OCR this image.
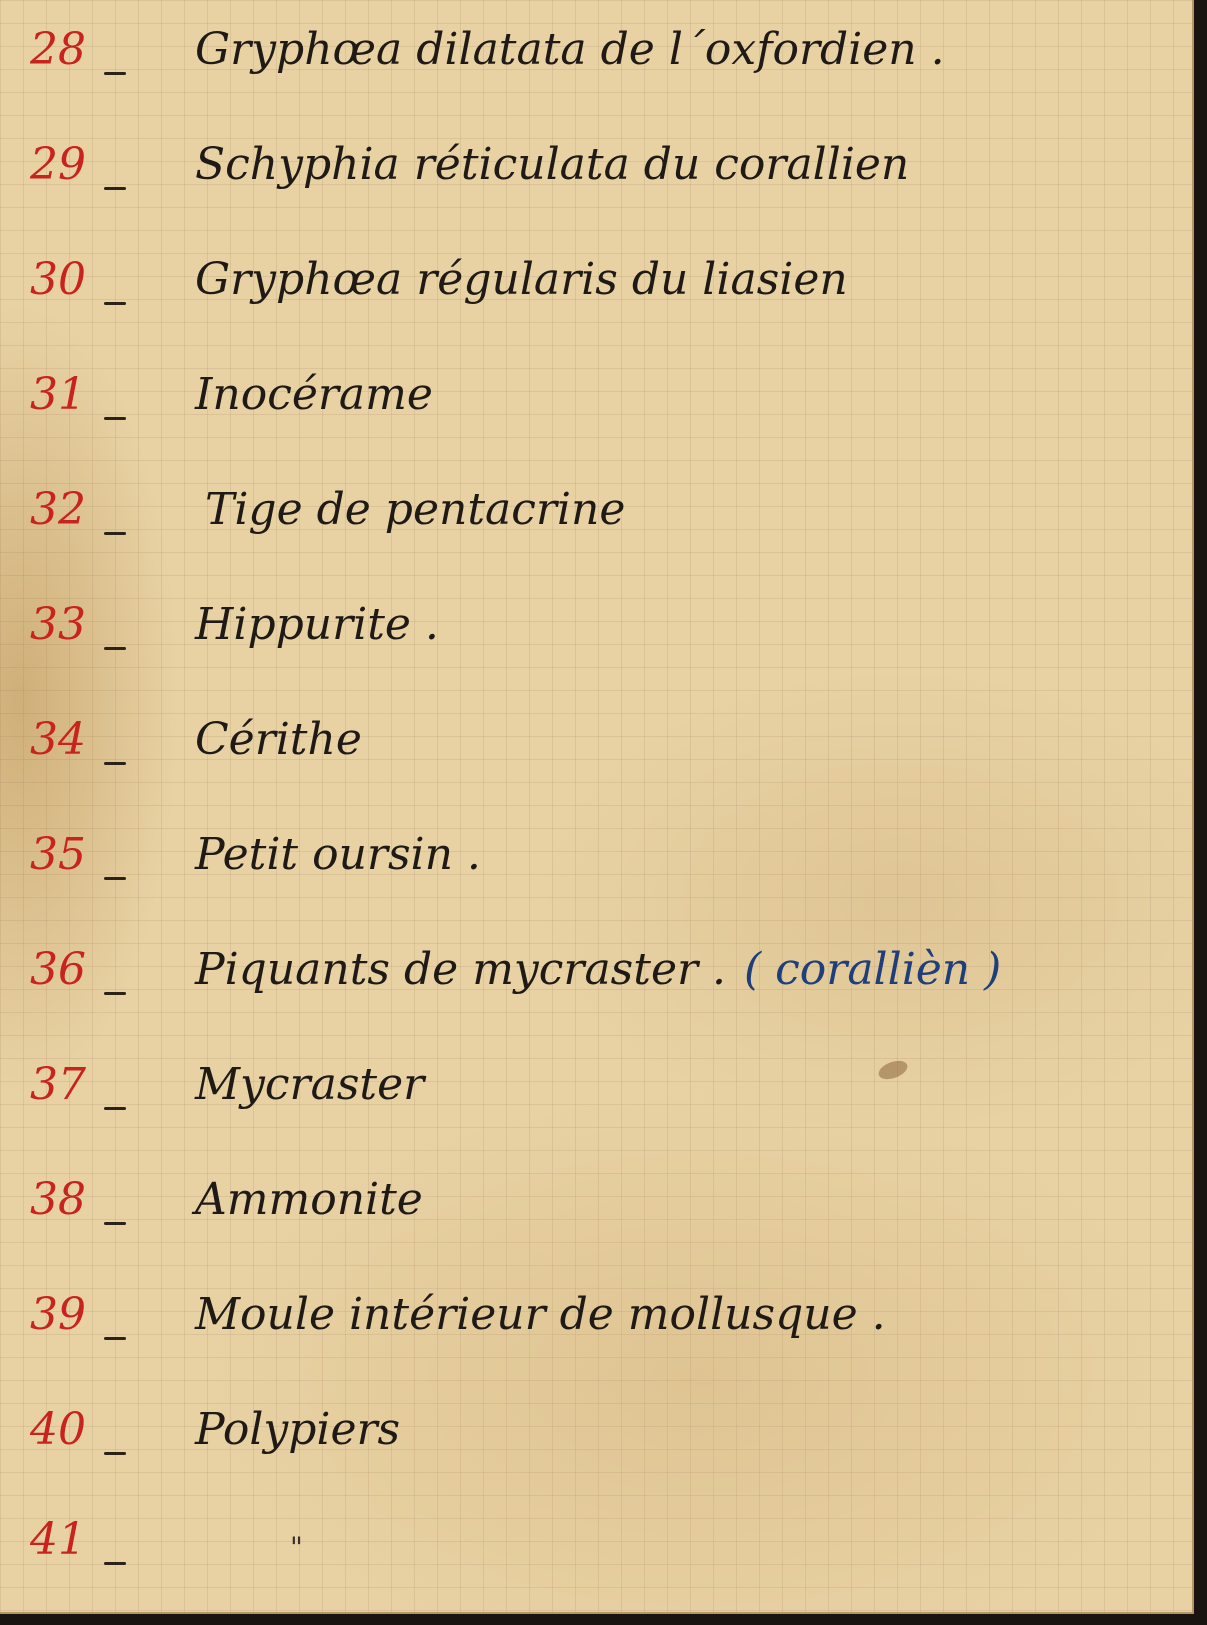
28 Gryphœa dilatata de l´oxfordien .
29 Schyphia réticulata du corallien
30 Gryphœa régularis du liasien
31 Inocérame
32	Tige de pentacrine
33 Hippurite .
34 Cérithe
35 Petit oursin .
36 Piquants de mycraster . ( corallièn )
37 Mycraster
38 Ammonite
39 Moule intérieur de mollusque .
40 Polypiers
41	"
